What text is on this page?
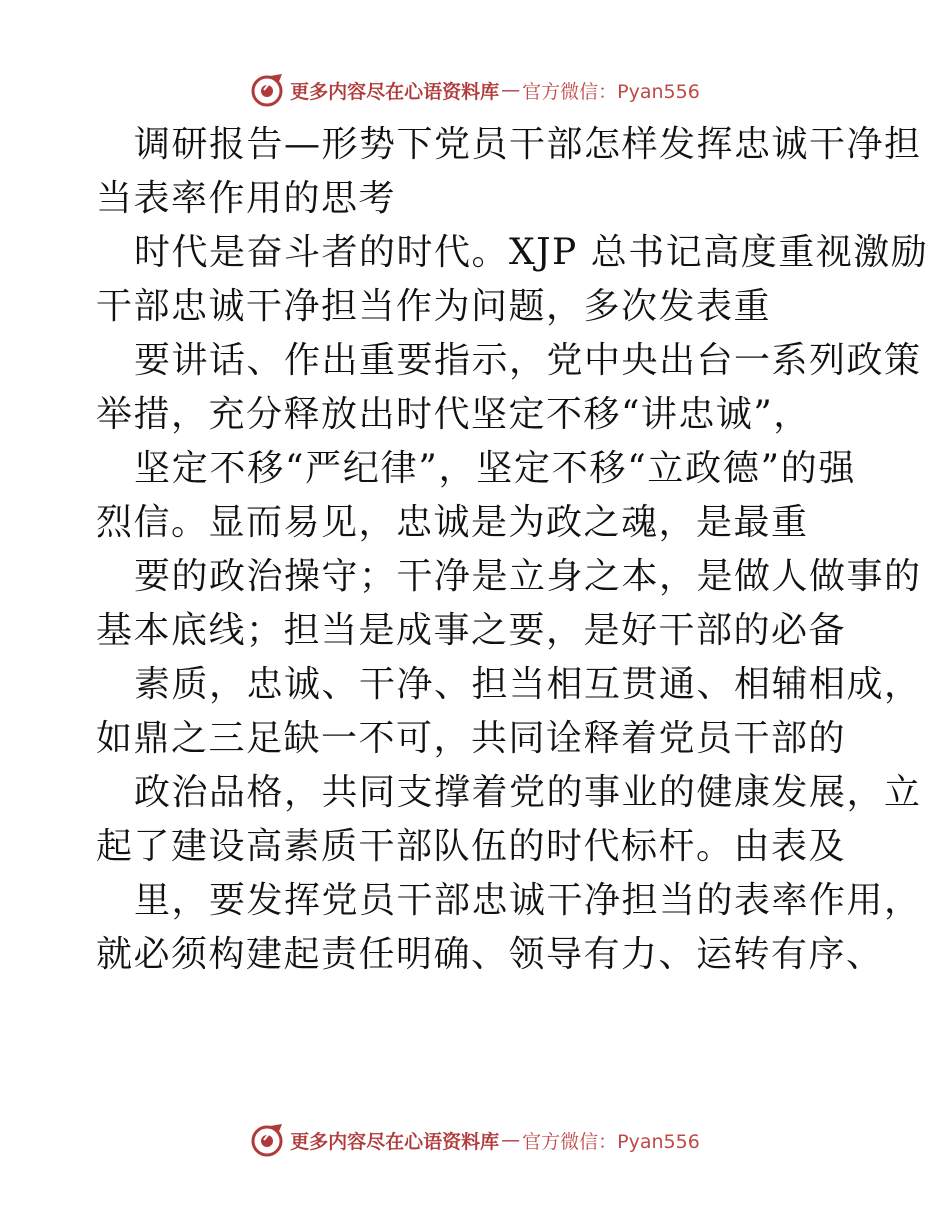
更多内容尽在心语资料库 — 官方微信：Pyan556
调研报告—形势下党员干部怎样发挥忠诚干净担
当表率作用的思考
时代是奋斗者的时代。XJP 总书记高度重视激励
干部忠诚干净担当作为问题，多次发表重
要讲话、作出重要指示，党中央出台一系列政策
举措，充分释放出时代坚定不移“讲忠诚”，
坚定不移“严纪律”，坚定不移“立政德”的强
烈信。显而易见，忠诚是为政之魂，是最重
要的政治操守；干净是立身之本，是做人做事的
基本底线；担当是成事之要，是好干部的必备
素质，忠诚、干净、担当相互贯通、相辅相成，
如鼎之三足缺一不可，共同诠释着党员干部的
政治品格，共同支撑着党的事业的健康发展，立
起了建设高素质干部队伍的时代标杆。由表及
里，要发挥党员干部忠诚干净担当的表率作用，
就必须构建起责任明确、领导有力、运转有序、
更多内容尽在心语资料库 — 官方微信：Pyan556
